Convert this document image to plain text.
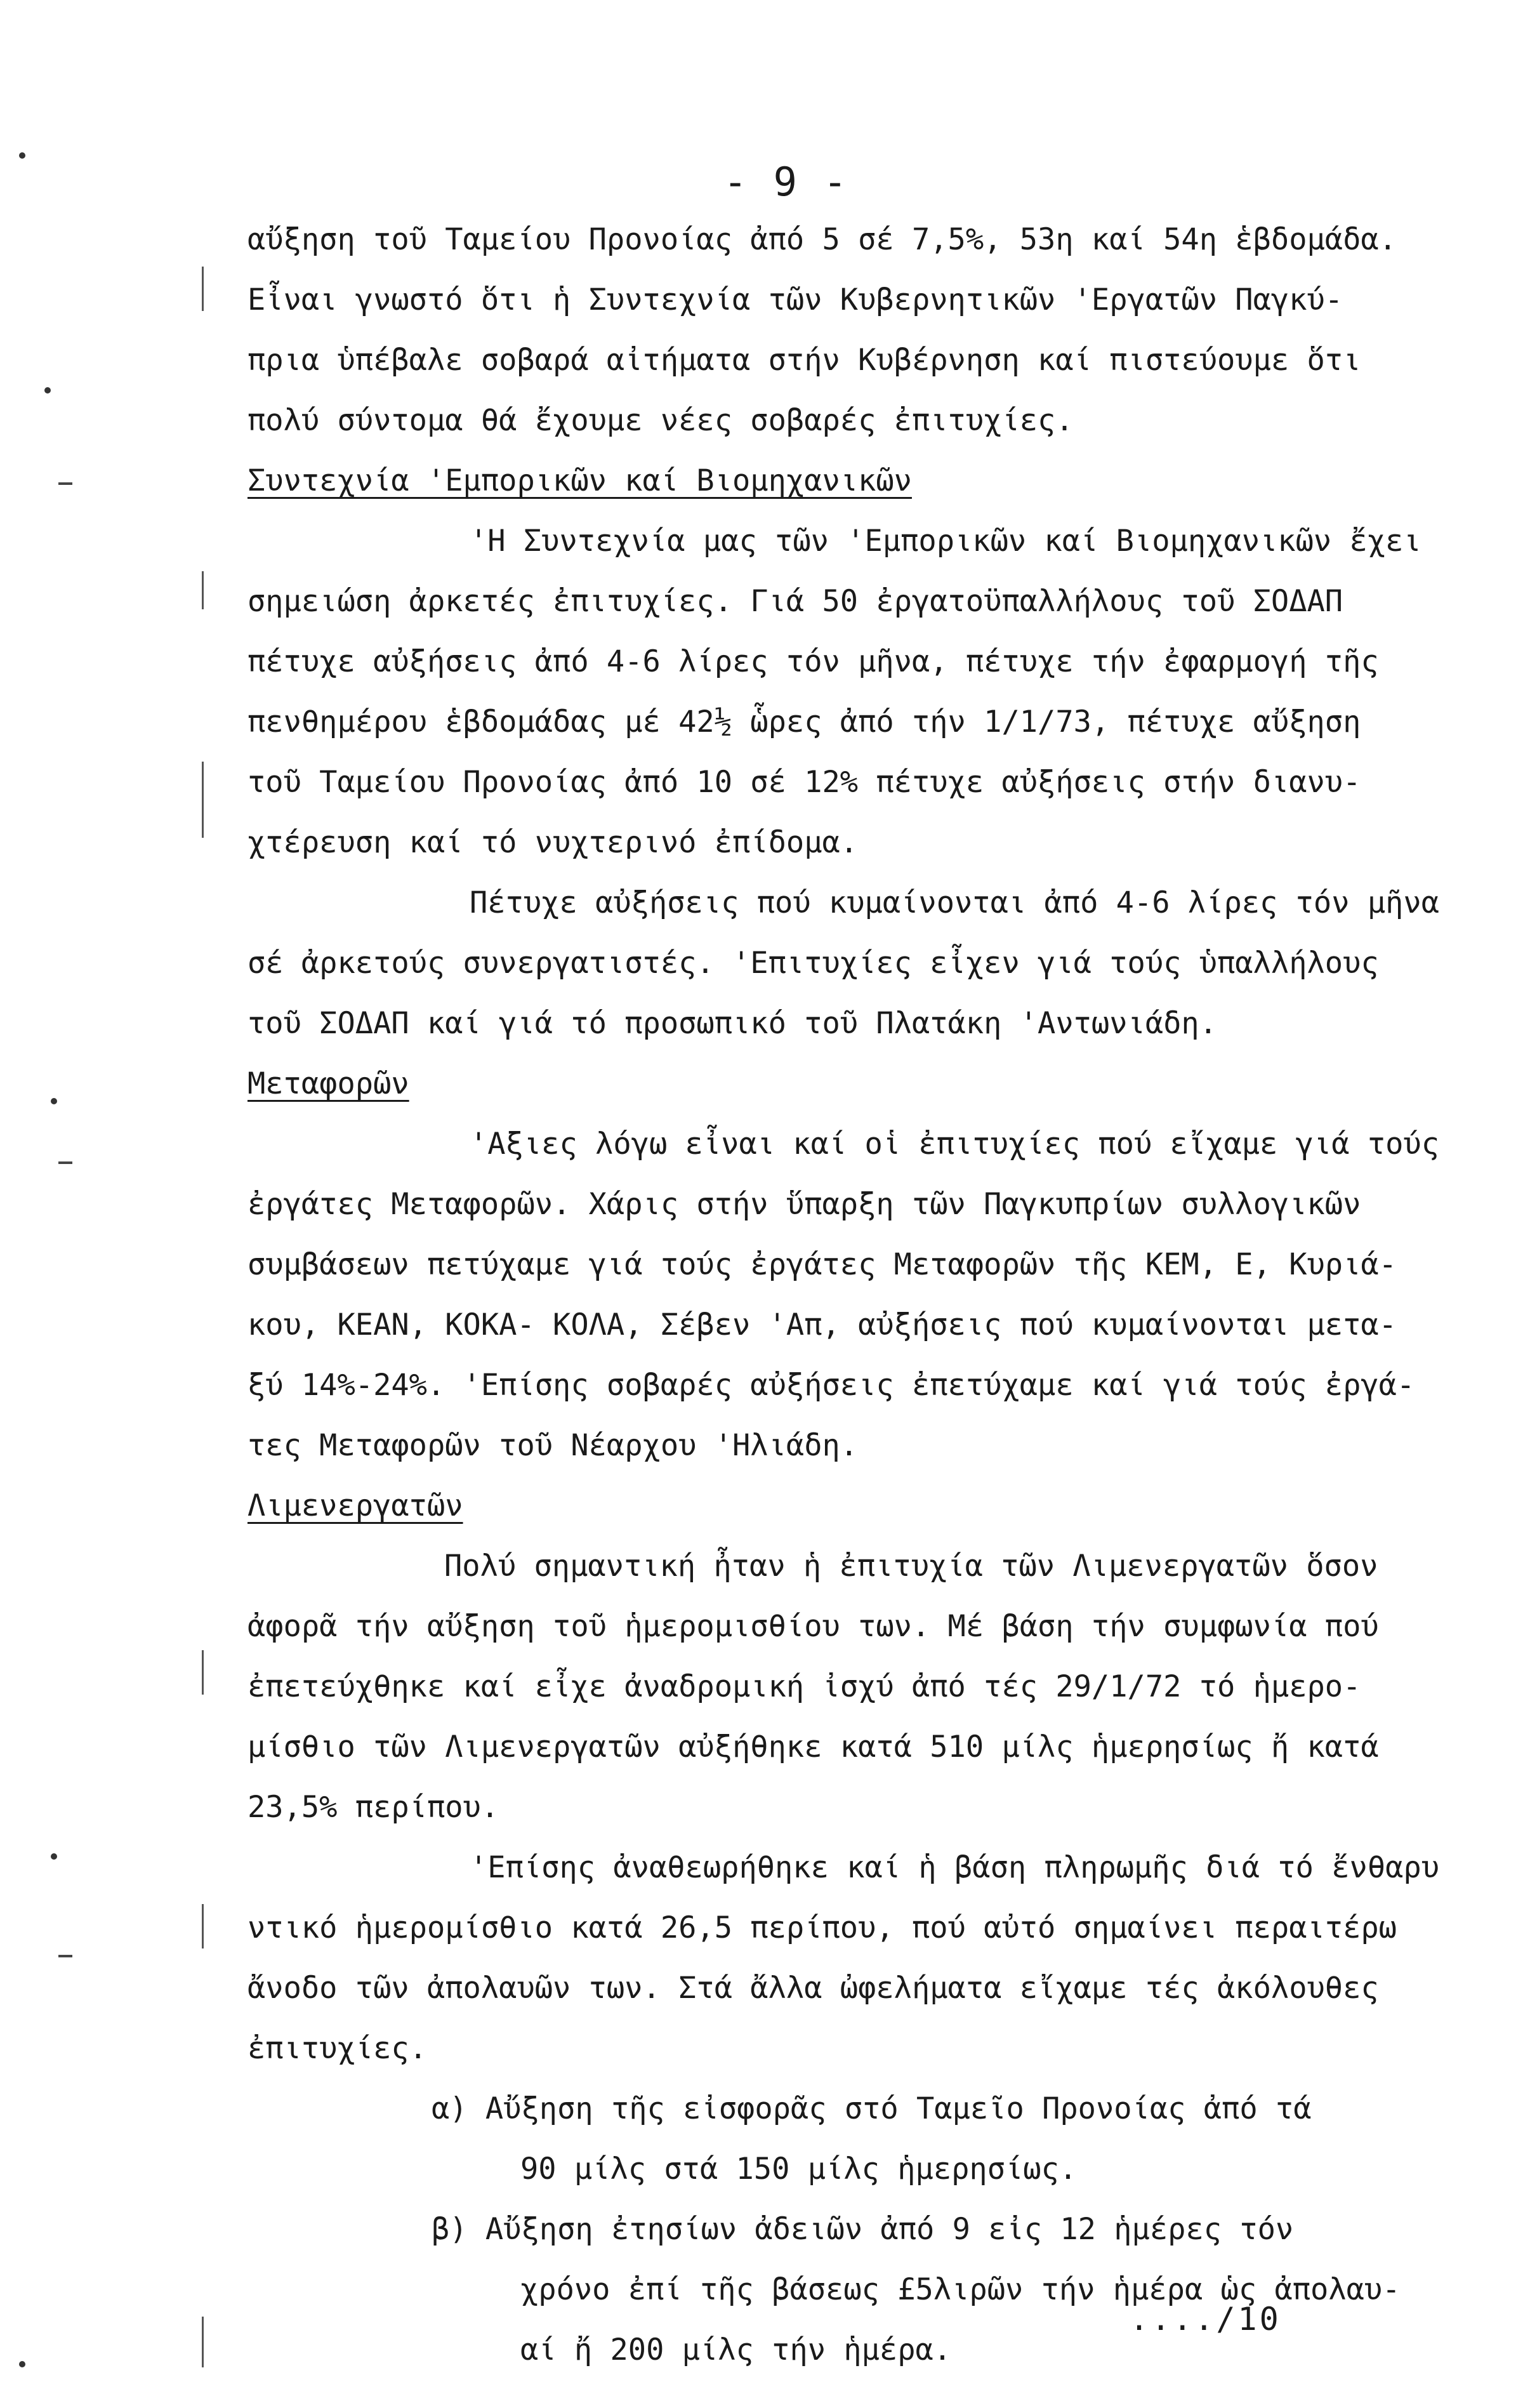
- 9 -
αὔξηση τοῦ Ταμείου Προνοίας ἀπό 5 σέ 7,5%, 53η καί 54η ἑβδομάδα.
Εἶναι γνωστό ὅτι ἡ Συντεχνία τῶν Κυβερνητικῶν 'Εργατῶν Παγκύ-
πρια ὑπέβαλε σοβαρά αἰτήματα στήν Κυβέρνηση καί πιστεύουμε ὅτι
πολύ σύντομα θά ἔχουμε νέες σοβαρές ἐπιτυχίες.
Συντεχνία 'Εμπορικῶν καί Βιομηχανικῶν
'Η Συντεχνία μας τῶν 'Εμπορικῶν καί Βιομηχανικῶν ἔχει
σημειώση ἀρκετές ἐπιτυχίες. Γιά 50 ἐργατοϋπαλλήλους τοῦ ΣΟΔΑΠ
πέτυχε αὐξήσεις ἀπό 4-6 λίρες τόν μῆνα, πέτυχε τήν ἐφαρμογή τῆς
πενθημέρου ἑβδομάδας μέ 42½ ὧρες ἀπό τήν 1/1/73, πέτυχε αὔξηση
τοῦ Ταμείου Προνοίας ἀπό 10 σέ 12% πέτυχε αὐξήσεις στήν διανυ-
χτέρευση καί τό νυχτερινό ἐπίδομα.
Πέτυχε αὐξήσεις πού κυμαίνονται ἀπό 4-6 λίρες τόν μῆνα
σέ ἀρκετούς συνεργατιστές. 'Επιτυχίες εἶχεν γιά τούς ὑπαλλήλους
τοῦ ΣΟΔΑΠ καί γιά τό προσωπικό τοῦ Πλατάκη 'Αντωνιάδη.
Μεταφορῶν
'Αξιες λόγω εἶναι καί οἱ ἐπιτυχίες πού εἴχαμε γιά τούς
ἐργάτες Μεταφορῶν. Χάρις στήν ὕπαρξη τῶν Παγκυπρίων συλλογικῶν
συμβάσεων πετύχαμε γιά τούς ἐργάτες Μεταφορῶν τῆς ΚΕΜ, Ε, Κυριά-
κου, ΚΕΑΝ, ΚΟΚΑ- ΚΟΛΑ, Σέβεν 'Απ, αὐξήσεις πού κυμαίνονται μετα-
ξύ 14%-24%. 'Επίσης σοβαρές αὐξήσεις ἐπετύχαμε καί γιά τούς ἐργά-
τες Μεταφορῶν τοῦ Νέαρχου 'Ηλιάδη.
Λιμενεργατῶν
Πολύ σημαντική ἦταν ἡ ἐπιτυχία τῶν Λιμενεργατῶν ὅσον
ἀφορᾶ τήν αὔξηση τοῦ ἡμερομισθίου των. Μέ βάση τήν συμφωνία πού
ἐπετεύχθηκε καί εἶχε ἀναδρομική ἰσχύ ἀπό τές 29/1/72 τό ἡμερο-
μίσθιο τῶν Λιμενεργατῶν αὐξήθηκε κατά 510 μίλς ἡμερησίως ἤ κατά
23,5% περίπου.
'Επίσης ἀναθεωρήθηκε καί ἡ βάση πληρωμῆς διά τό ἔνθαρυ
ντικό ἡμερομίσθιο κατά 26,5 περίπου, πού αὐτό σημαίνει περαιτέρω
ἄνοδο τῶν ἀπολαυῶν των. Στά ἄλλα ὠφελήματα εἴχαμε τές ἀκόλουθες
ἐπιτυχίες.
α) Αὔξηση τῆς εἰσφορᾶς στό Ταμεῖο Προνοίας ἀπό τά
90 μίλς στά 150 μίλς ἡμερησίως.
β) Αὔξηση ἐτησίων ἀδειῶν ἀπό 9 εἰς 12 ἡμέρες τόν
χρόνο ἐπί τῆς βάσεως £5λιρῶν τήν ἡμέρα ὡς ἀπολαυ-
αί ἤ 200 μίλς τήν ἡμέρα.
..../10
